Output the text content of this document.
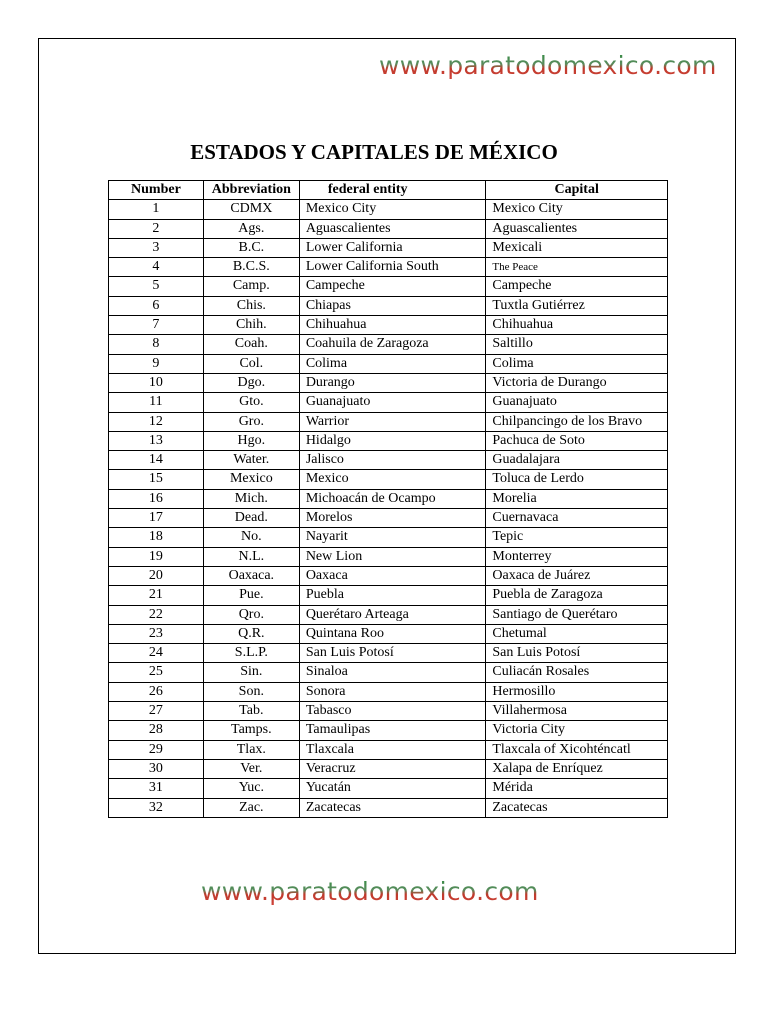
www.paratodomexico.com
ESTADOS Y CAPITALES DE MÉXICO
Number	Abbreviation	federal entity	Capital
1	CDMX	Mexico City	Mexico City
2	Ags.	Aguascalientes	Aguascalientes
3	B.C.	Lower California	Mexicali
4	B.C.S.	Lower California South	The Peace
5	Camp.	Campeche	Campeche
6	Chis.	Chiapas	Tuxtla Gutiérrez
7	Chih.	Chihuahua	Chihuahua
8	Coah.	Coahuila de Zaragoza	Saltillo
9	Col.	Colima	Colima
10	Dgo.	Durango	Victoria de Durango
11	Gto.	Guanajuato	Guanajuato
12	Gro.	Warrior	Chilpancingo de los Bravo
13	Hgo.	Hidalgo	Pachuca de Soto
14	Water.	Jalisco	Guadalajara
15	Mexico	Mexico	Toluca de Lerdo
16	Mich.	Michoacán de Ocampo	Morelia
17	Dead.	Morelos	Cuernavaca
18	No.	Nayarit	Tepic
19	N.L.	New Lion	Monterrey
20	Oaxaca.	Oaxaca	Oaxaca de Juárez
21	Pue.	Puebla	Puebla de Zaragoza
22	Qro.	Querétaro Arteaga	Santiago de Querétaro
23	Q.R.	Quintana Roo	Chetumal
24	S.L.P.	San Luis Potosí	San Luis Potosí
25	Sin.	Sinaloa	Culiacán Rosales
26	Son.	Sonora	Hermosillo
27	Tab.	Tabasco	Villahermosa
28	Tamps.	Tamaulipas	Victoria City
29	Tlax.	Tlaxcala	Tlaxcala of Xicohténcatl
30	Ver.	Veracruz	Xalapa de Enríquez
31	Yuc.	Yucatán	Mérida
32	Zac.	Zacatecas	Zacatecas
www.paratodomexico.com
